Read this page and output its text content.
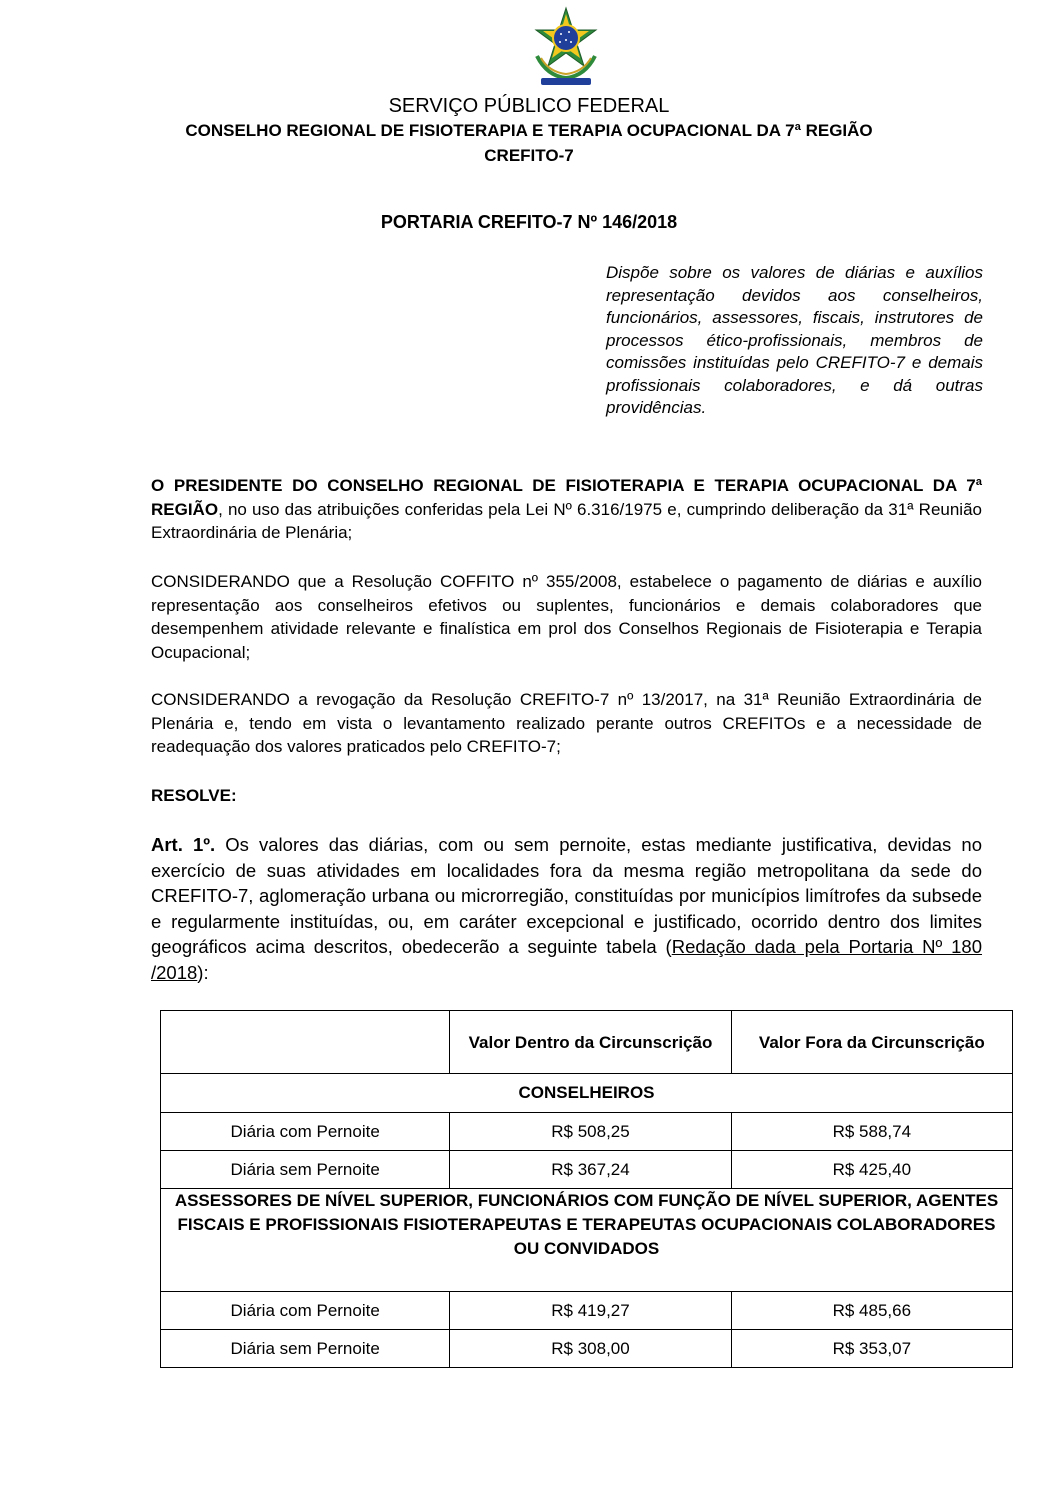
SERVIÇO PÚBLICO FEDERAL
CONSELHO REGIONAL DE FISIOTERAPIA E TERAPIA OCUPACIONAL DA 7ª REGIÃO
CREFITO-7
PORTARIA CREFITO-7 Nº 146/2018
Dispõe sobre os valores de diárias e auxílios representação devidos aos conselheiros, funcionários, assessores, fiscais, instrutores de processos ético-profissionais, membros de comissões instituídas pelo CREFITO-7 e demais profissionais colaboradores, e dá outras providências.
O PRESIDENTE DO CONSELHO REGIONAL DE FISIOTERAPIA E TERAPIA OCUPACIONAL DA 7ª REGIÃO, no uso das atribuições conferidas pela Lei Nº 6.316/1975 e, cumprindo deliberação da 31ª Reunião Extraordinária de Plenária;
CONSIDERANDO que a Resolução COFFITO nº 355/2008, estabelece o pagamento de diárias e auxílio representação aos conselheiros efetivos ou suplentes, funcionários e demais colaboradores que desempenhem atividade relevante e finalística em prol dos Conselhos Regionais de Fisioterapia e Terapia Ocupacional;
CONSIDERANDO a revogação da Resolução CREFITO-7 nº 13/2017, na 31ª Reunião Extraordinária de Plenária e, tendo em vista o levantamento realizado perante outros CREFITOs e a necessidade de readequação dos valores praticados pelo CREFITO-7;
RESOLVE:
Art. 1º. Os valores das diárias, com ou sem pernoite, estas mediante justificativa, devidas no exercício de suas atividades em localidades fora da mesma região metropolitana da sede do CREFITO-7, aglomeração urbana ou microrregião, constituídas por municípios limítrofes da subsede e regularmente instituídas, ou, em caráter excepcional e justificado, ocorrido dentro dos limites geográficos acima descritos, obedecerão a seguinte tabela (Redação dada pela Portaria Nº 180 /2018):
	Valor Dentro da Circunscrição	Valor Fora da Circunscrição
CONSELHEIROS		
Diária com Pernoite	R$ 508,25	R$ 588,74
Diária sem Pernoite	R$ 367,24	R$ 425,40
ASSESSORES DE NÍVEL SUPERIOR, FUNCIONÁRIOS COM FUNÇÃO DE NÍVEL SUPERIOR, AGENTES FISCAIS E PROFISSIONAIS FISIOTERAPEUTAS E TERAPEUTAS OCUPACIONAIS COLABORADORES OU CONVIDADOS		
Diária com Pernoite	R$ 419,27	R$ 485,66
Diária sem Pernoite	R$ 308,00	R$ 353,07
